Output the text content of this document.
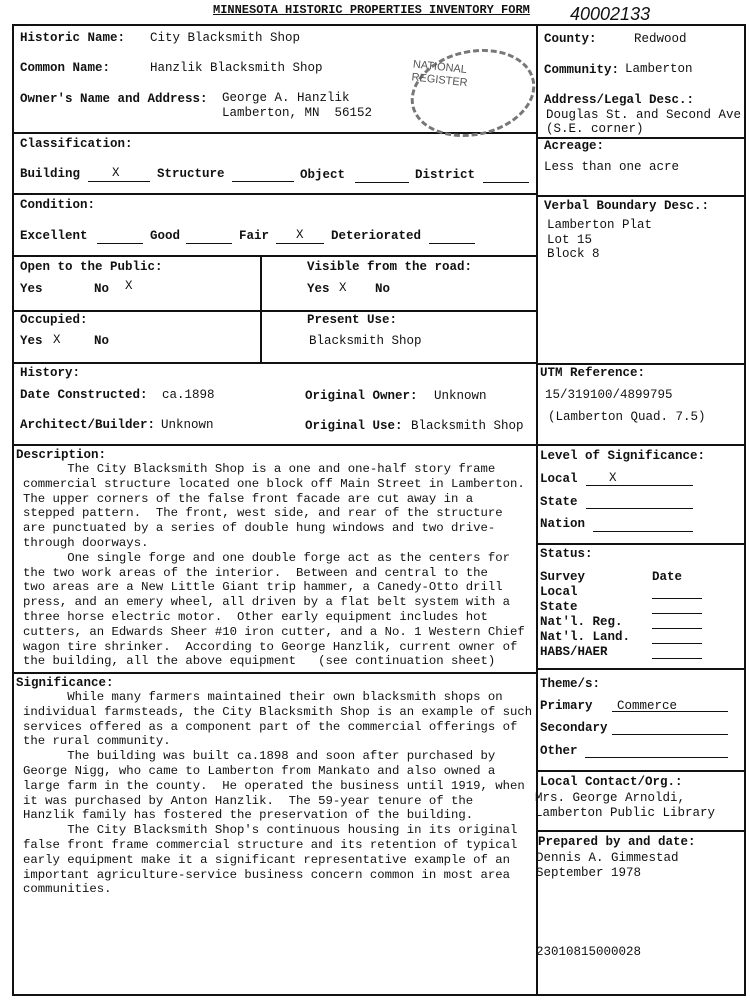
MINNESOTA HISTORIC PROPERTIES INVENTORY FORM 40002133
NATIONAL REGISTER
Historic Name: City Blacksmith Shop
Common Name:	Hanzlik Blacksmith Shop
Owner's Name and Address: George A. Hanzlik
Lamberton, MN  56152
County:	Redwood
Community: Lamberton
Address/Legal Desc.:
Douglas St. and Second Ave.
(S.E. corner)
Classification:
Building	X	Structure	Object	District
Acreage:
Less than one acre
Condition:
Excellent	Good	Fair X Deteriorated
Verbal Boundary Desc.:
Lamberton Plat
Lot 15
Block 8
Open to the Public:
Yes	No X
Visible from the road:
Yes X No
Occupied:
Yes X	No
Present Use:
Blacksmith Shop
History:
Date Constructed: ca.1898	Original Owner: Unknown
Architect/Builder: Unknown	Original Use: Blacksmith Shop
UTM Reference:
15/319100/4899795
(Lamberton Quad. 7.5)
Description:
The City Blacksmith Shop is a one and one-half story frame
commercial structure located one block off Main Street in Lamberton.
The upper corners of the false front facade are cut away in a
stepped pattern.  The front, west side, and rear of the structure
are punctuated by a series of double hung windows and two drive-
through doorways.
One single forge and one double forge act as the centers for
the two work areas of the interior.  Between and central to the
two areas are a New Little Giant trip hammer, a Canedy-Otto drill
press, and an emery wheel, all driven by a flat belt system with a
three horse electric motor.  Other early equipment includes hot
cutters, an Edwards Sheer #10 iron cutter, and a No. 1 Western Chief
wagon tire shrinker.  According to George Hanzlik, current owner of
the building, all the above equipment   (see continuation sheet)
Level of Significance:
Local	X
State
Nation
Status:
Survey	Date
Local
State
Nat'l. Reg.
Nat'l. Land.
HABS/HAER
Significance:
While many farmers maintained their own blacksmith shops on
individual farmsteads, the City Blacksmith Shop is an example of such
services offered as a component part of the commercial offerings of
the rural community.
The building was built ca.1898 and soon after purchased by
George Nigg, who came to Lamberton from Mankato and also owned a
large farm in the county.  He operated the business until 1919, when
it was purchased by Anton Hanzlik.  The 59-year tenure of the
Hanzlik family has fostered the preservation of the building.
The City Blacksmith Shop's continuous housing in its original
false front frame commercial structure and its retention of typical
early equipment make it a significant representative example of an
important agriculture-service business concern common in most area
communities.
Theme/s:
Primary Commerce
Secondary
Other
Local Contact/Org.:
Mrs. George Arnoldi,
Lamberton Public Library
Prepared by and date:
Dennis A. Gimmestad
September 1978
23010815000028
